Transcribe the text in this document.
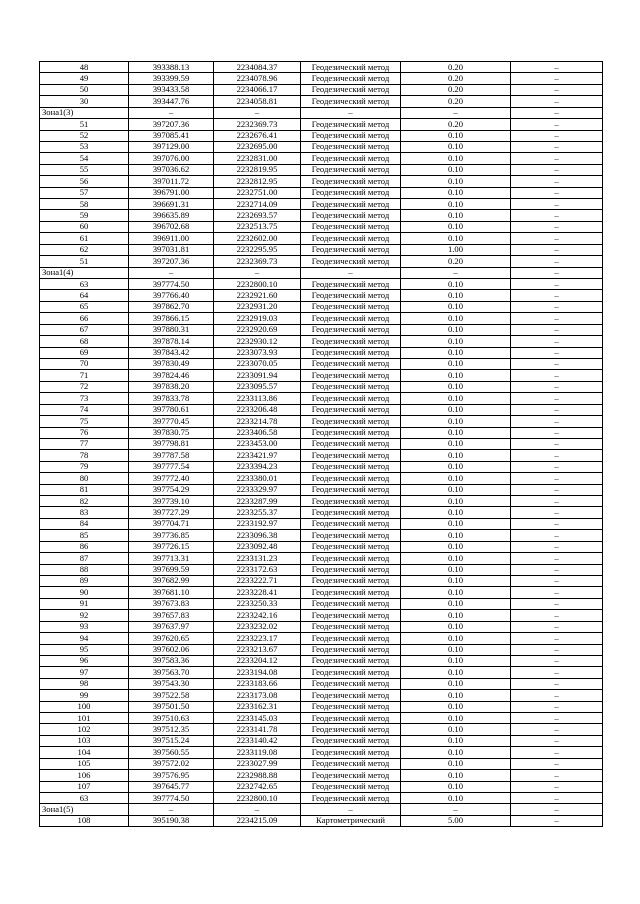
48	393388.13	2234084.37	Геодезический метод	0.20	–
49	393399.59	2234078.96	Геодезический метод	0.20	–
50	393433.58	2234066.17	Геодезический метод	0.20	–
30	393447.76	2234058.81	Геодезический метод	0.20	–
Зона1(3)	–	–	–	–	–
51	397207.36	2232369.73	Геодезический метод	0.20	–
52	397085.41	2232676.41	Геодезический метод	0.10	–
53	397129.00	2232695.00	Геодезический метод	0.10	–
54	397076.00	2232831.00	Геодезический метод	0.10	–
55	397036.62	2232819.95	Геодезический метод	0.10	–
56	397011.72	2232812.95	Геодезический метод	0.10	–
57	396791.00	2232751.00	Геодезический метод	0.10	–
58	396691.31	2232714.09	Геодезический метод	0.10	–
59	396635.89	2232693.57	Геодезический метод	0.10	–
60	396702.68	2232513.75	Геодезический метод	0.10	–
61	396911.00	2232602.00	Геодезический метод	0.10	–
62	397031.81	2232295.95	Геодезический метод	1.00	–
51	397207.36	2232369.73	Геодезический метод	0.20	–
Зона1(4)	–	–	–	–	–
63	397774.50	2232800.10	Геодезический метод	0.10	–
64	397766.40	2232921.60	Геодезический метод	0.10	–
65	397862.70	2232931.20	Геодезический метод	0.10	–
66	397866.15	2232919.03	Геодезический метод	0.10	–
67	397880.31	2232920.69	Геодезический метод	0.10	–
68	397878.14	2232930.12	Геодезический метод	0.10	–
69	397843.42	2233073.93	Геодезический метод	0.10	–
70	397830.49	2233070.05	Геодезический метод	0.10	–
71	397824.46	2233091.94	Геодезический метод	0.10	–
72	397838.20	2233095.57	Геодезический метод	0.10	–
73	397833.78	2233113.86	Геодезический метод	0.10	–
74	397780.61	2233206.48	Геодезический метод	0.10	–
75	397770.45	2233214.78	Геодезический метод	0.10	–
76	397830.75	2233406.58	Геодезический метод	0.10	–
77	397798.81	2233453.00	Геодезический метод	0.10	–
78	397787.58	2233421.97	Геодезический метод	0.10	–
79	397777.54	2233394.23	Геодезический метод	0.10	–
80	397772.40	2233380.01	Геодезический метод	0.10	–
81	397754.29	2233329.97	Геодезический метод	0.10	–
82	397739.10	2233287.99	Геодезический метод	0.10	–
83	397727.29	2233255.37	Геодезический метод	0.10	–
84	397704.71	2233192.97	Геодезический метод	0.10	–
85	397736.85	2233096.38	Геодезический метод	0.10	–
86	397726.15	2233092.48	Геодезический метод	0.10	–
87	397713.31	2233131.23	Геодезический метод	0.10	–
88	397699.59	2233172.63	Геодезический метод	0.10	–
89	397682.99	2233222.71	Геодезический метод	0.10	–
90	397681.10	2233228.41	Геодезический метод	0.10	–
91	397673.83	2233250.33	Геодезический метод	0.10	–
92	397657.83	2233242.16	Геодезический метод	0.10	–
93	397637.97	2233232.02	Геодезический метод	0.10	–
94	397620.65	2233223.17	Геодезический метод	0.10	–
95	397602.06	2233213.67	Геодезический метод	0.10	–
96	397583.36	2233204.12	Геодезический метод	0.10	–
97	397563.70	2233194.08	Геодезический метод	0.10	–
98	397543.30	2233183.66	Геодезический метод	0.10	–
99	397522.58	2233173.08	Геодезический метод	0.10	–
100	397501.50	2233162.31	Геодезический метод	0.10	–
101	397510.63	2233145.03	Геодезический метод	0.10	–
102	397512.35	2233141.78	Геодезический метод	0.10	–
103	397515.24	2233140.42	Геодезический метод	0.10	–
104	397560.55	2233119.08	Геодезический метод	0.10	–
105	397572.02	2233027.99	Геодезический метод	0.10	–
106	397576.95	2232988.88	Геодезический метод	0.10	–
107	397645.77	2232742.65	Геодезический метод	0.10	–
63	397774.50	2232800.10	Геодезический метод	0.10	–
Зона1(5)	–	–	–	–	–
108	395190.38	2234215.09	Картометрический	5.00	–
